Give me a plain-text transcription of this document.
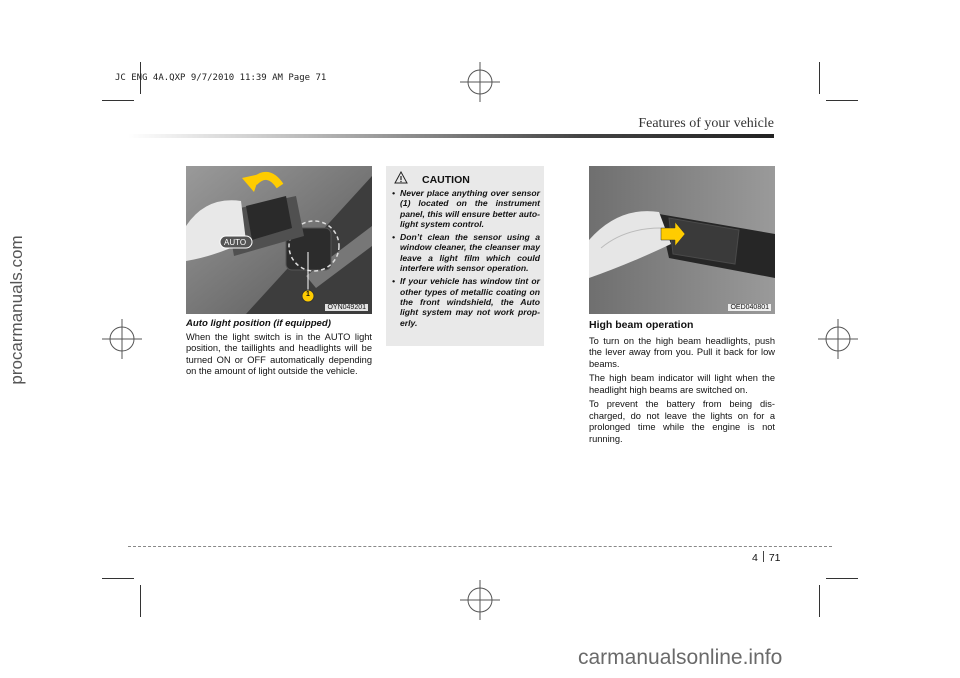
JC ENG 4A.QXP 9/7/2010 11:39 AM Page 71
procarmanuals.com
Features of your vehicle
AUTO
1
OYN049201
Auto light position (if equipped)

When the light switch is in the AUTO light position, the taillights and headlights will be turned ON or OFF automatically depending on the amount of light outside the vehicle.

CAUTION
• Never place anything over sensor (1) located on the instrument panel, this will ensure better auto-light system control.
• Don’t clean the sensor using a window cleaner, the cleanser may leave a light film which could interfere with sensor operation.
• If your vehicle has window tint or other types of metallic coating on the front windshield, the Auto light system may not work prop-erly.
OED040801
High beam operation

To turn on the high beam headlights, push the lever away from you. Pull it back for low beams.

The high beam indicator will light when the headlight high beams are switched on.

To prevent the battery from being dis-charged, do not leave the lights on for a prolonged time while the engine is not running.

4 71
carmanualsonline.info
